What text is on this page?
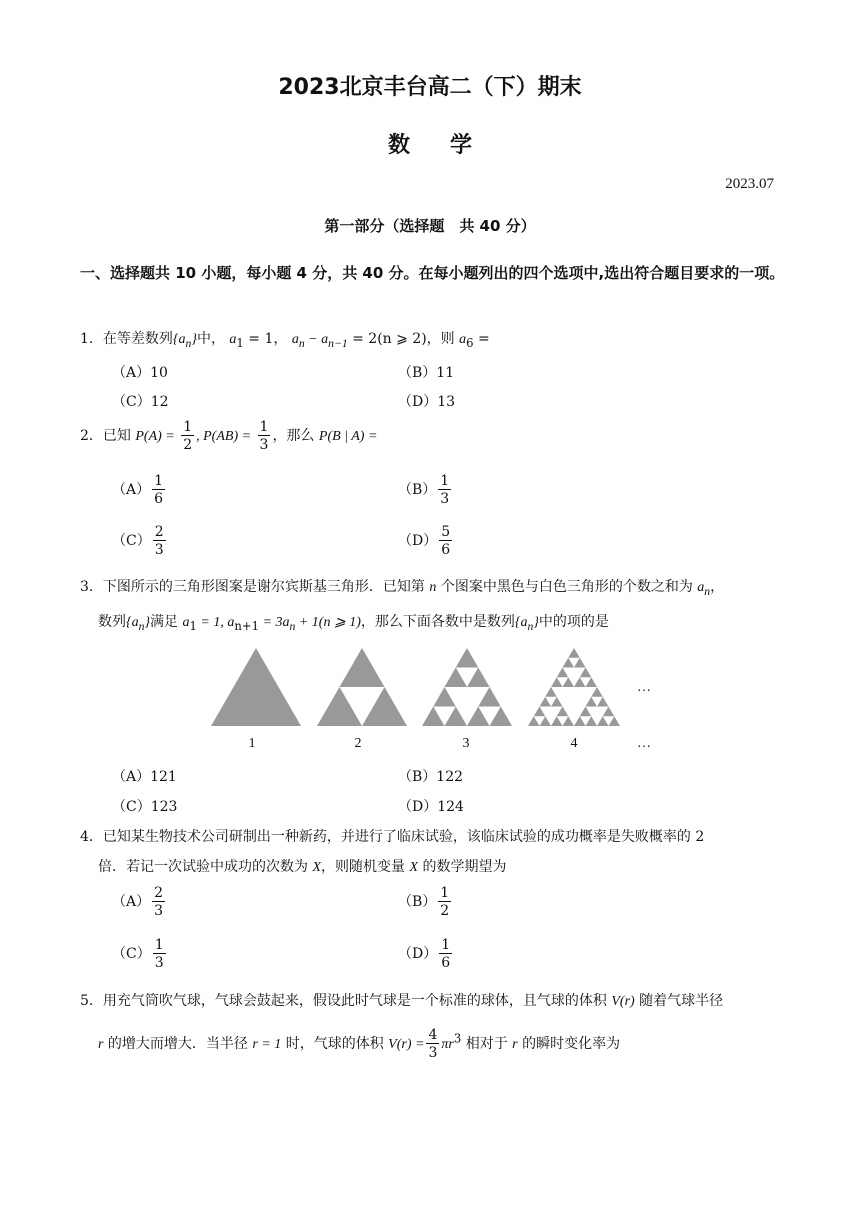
2023北京丰台高二（下）期末
数学
2023.07
第一部分（选择题　共 40 分）
一、选择题共 10 小题，每小题 4 分，共 40 分。在每小题列出的四个选项中,选出符合题目要求的一项。
1．在等差数列$\{a_n\}$中， $a_1 = 1$， $a_n - a_{n-1} = 2(n$ ⩾ 2)，则 $a_6$ =
（A）10	（B）11
（C）12	（D）13
2．已知 $P(A) = \frac{1}{2}$ , $P(AB) = \frac{1}{3}$ ，那么 P(B | A) =
$(A) \frac{1}{6}$	$(B) \frac{1}{3}$
$(C) \frac{2}{3}$	$(D) \frac{5}{6}$
3．下图所示的三角形图案是谢尔宾斯基三角形．已知第 n 个图案中黑色与白色三角形的个数之和为 $a_n$，
数列$\{a_n\}$满足 $a_1 = 1$, $a_{n+1} = 3a_n + 1(n$ ⩾ 1)，那么下面各数中是数列$\{a_n\}$中的项的是
1	2	3	4	…
…
（A）121	（B）122
（C）123	（D）124
4．已知某生物技术公司研制出一种新药，并进行了临床试验，该临床试验的成功概率是失败概率的 2
倍．若记一次试验中成功的次数为 X，则随机变量 X 的数学期望为
$(A) \frac{2}{3}$	$(B) \frac{1}{2}$
$(C) \frac{1}{3}$	$(D) \frac{1}{6}$
5．用充气筒吹气球，气球会鼓起来，假设此时气球是一个标准的球体，且气球的体积 V(r) 随着气球半径
r 的增大而增大．当半径 r = 1 时，气球的体积 $V(r) = \frac{4}{3} \pi r^3$ 相对于 r 的瞬时变化率为
